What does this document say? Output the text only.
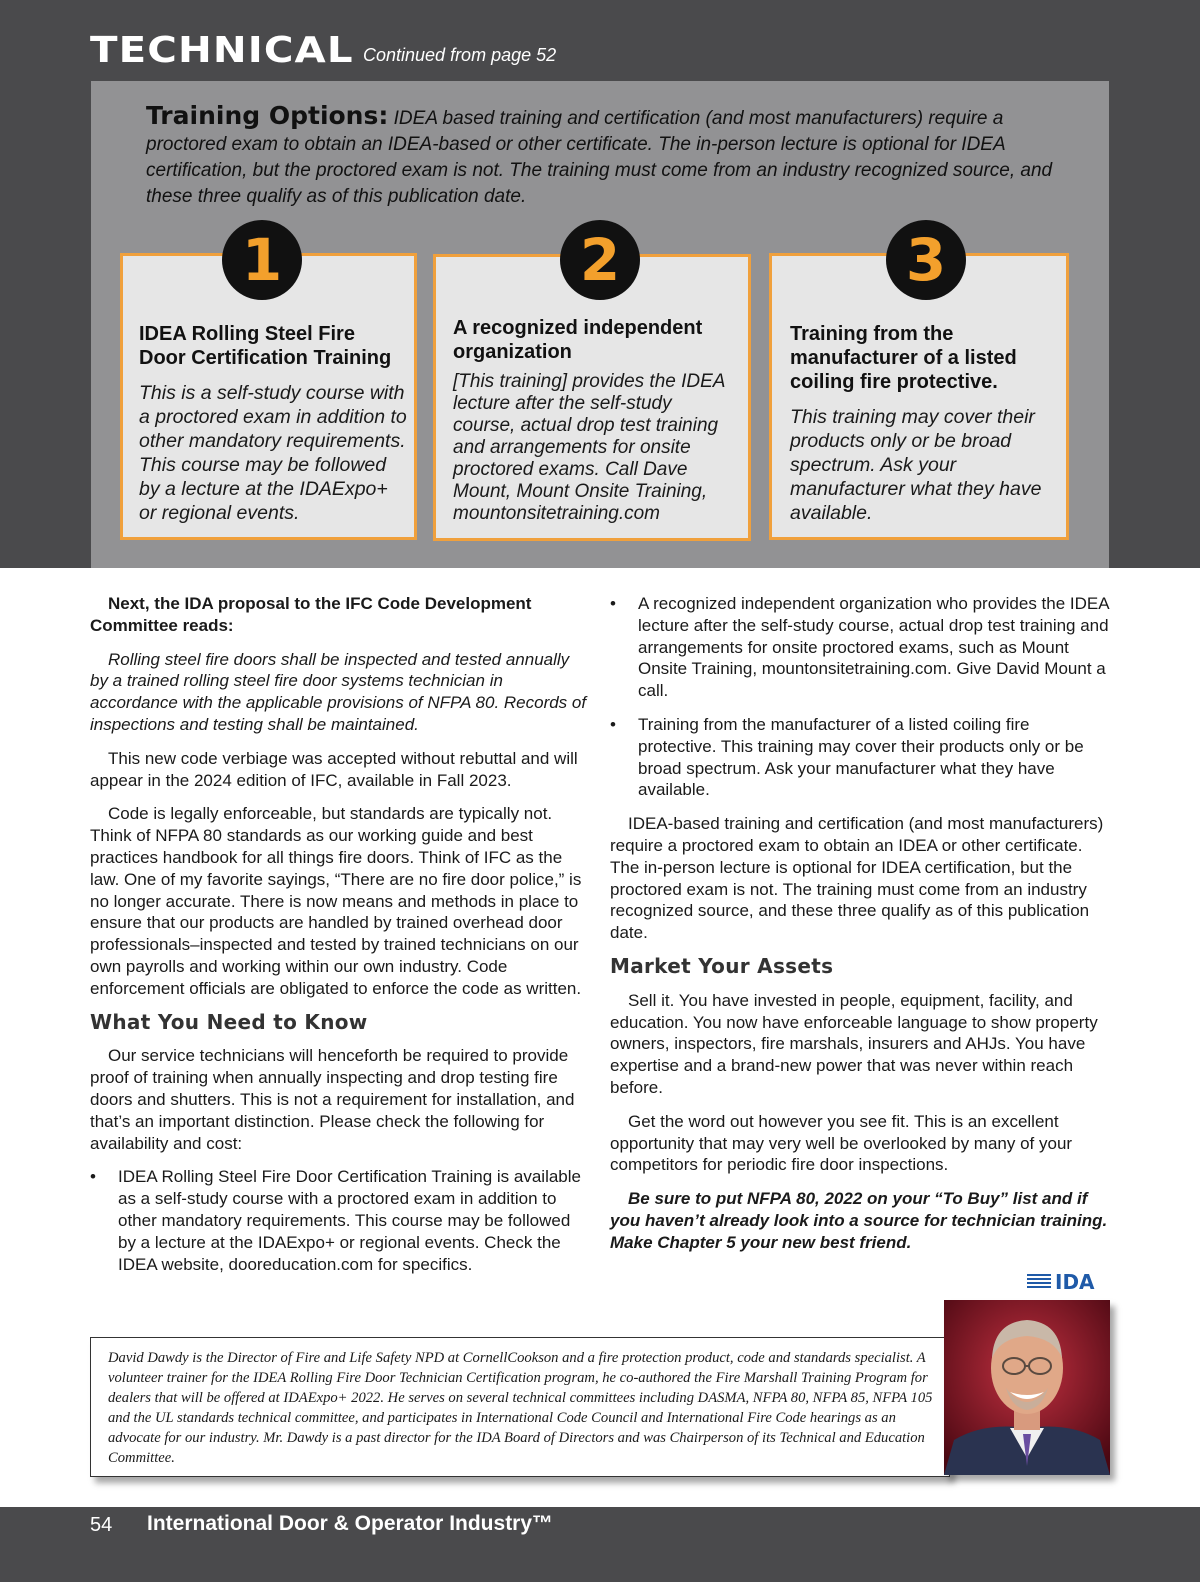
TECHNICAL Continued from page 52
Training Options: IDEA based training and certification (and most manufacturers) require a proctored exam to obtain an IDEA-based or other certificate. The in-person lecture is optional for IDEA certification, but the proctored exam is not. The training must come from an industry recognized source, and these three qualify as of this publication date.
1
IDEA Rolling Steel Fire Door Certification Training
This is a self-study course with a proctored exam in addition to other mandatory requirements. This course may be followed by a lecture at the IDAExpo+ or regional events.
2
A recognized independent organization
[This training] provides the IDEA lecture after the self-study course, actual drop test training and arrangements for onsite proctored exams. Call Dave Mount, Mount Onsite Training, mountonsitetraining.com
3
Training from the manufacturer of a listed coiling fire protective.
This training may cover their products only or be broad spectrum. Ask your manufacturer what they have available.

Next, the IDA proposal to the IFC Code Development Committee reads:

Rolling steel fire doors shall be inspected and tested annually by a trained rolling steel fire door systems technician in accordance with the applicable provisions of NFPA 80. Records of inspections and testing shall be maintained.

This new code verbiage was accepted without rebuttal and will appear in the 2024 edition of IFC, available in Fall 2023.

Code is legally enforceable, but standards are typically not. Think of NFPA 80 standards as our working guide and best practices handbook for all things fire doors. Think of IFC as the law. One of my favorite sayings, “There are no fire door police,” is no longer accurate. There is now means and methods in place to ensure that our products are handled by trained overhead door professionals–inspected and tested by trained technicians on our own payrolls and working within our own industry. Code enforcement officials are obligated to enforce the code as written.

What You Need to Know

Our service technicians will henceforth be required to provide proof of training when annually inspecting and drop testing fire doors and shutters. This is not a requirement for installation, and that’s an important distinction. Please check the following for availability and cost:

• IDEA Rolling Steel Fire Door Certification Training is available as a self-study course with a proctored exam in addition to other mandatory requirements. This course may be followed by a lecture at the IDAExpo+ or regional events. Check the IDEA website, dooreducation.com for specifics.
• A recognized independent organization who provides the IDEA lecture after the self-study course, actual drop test training and arrangements for onsite proctored exams, such as Mount Onsite Training, mountonsitetraining.com. Give David Mount a call.
• Training from the manufacturer of a listed coiling fire protective. This training may cover their products only or be broad spectrum. Ask your manufacturer what they have available.

IDEA-based training and certification (and most manufacturers) require a proctored exam to obtain an IDEA or other certificate. The in-person lecture is optional for IDEA certification, but the proctored exam is not. The training must come from an industry recognized source, and these three qualify as of this publication date.

Market Your Assets

Sell it. You have invested in people, equipment, facility, and education. You now have enforceable language to show property owners, inspectors, fire marshals, insurers and AHJs. You have expertise and a brand-new power that was never within reach before.

Get the word out however you see fit. This is an excellent opportunity that may very well be overlooked by many of your competitors for periodic fire door inspections.

Be sure to put NFPA 80, 2022 on your “To Buy” list and if you haven’t already look into a source for technician training. Make Chapter 5 your new best friend.

IDA
David Dawdy is the Director of Fire and Life Safety NPD at CornellCookson and a fire protection product, code and standards specialist. A volunteer trainer for the IDEA Rolling Fire Door Technician Certification program, he co-authored the Fire Marshall Training Program for dealers that will be offered at IDAExpo+ 2022. He serves on several technical committees including DASMA, NFPA 80, NFPA 85, NFPA 105 and the UL standards technical committee, and participates in International Code Council and International Fire Code hearings as an advocate for our industry. Mr. Dawdy is a past director for the IDA Board of Directors and was Chairperson of its Technical and Education Committee.
54 International Door & Operator Industry™
